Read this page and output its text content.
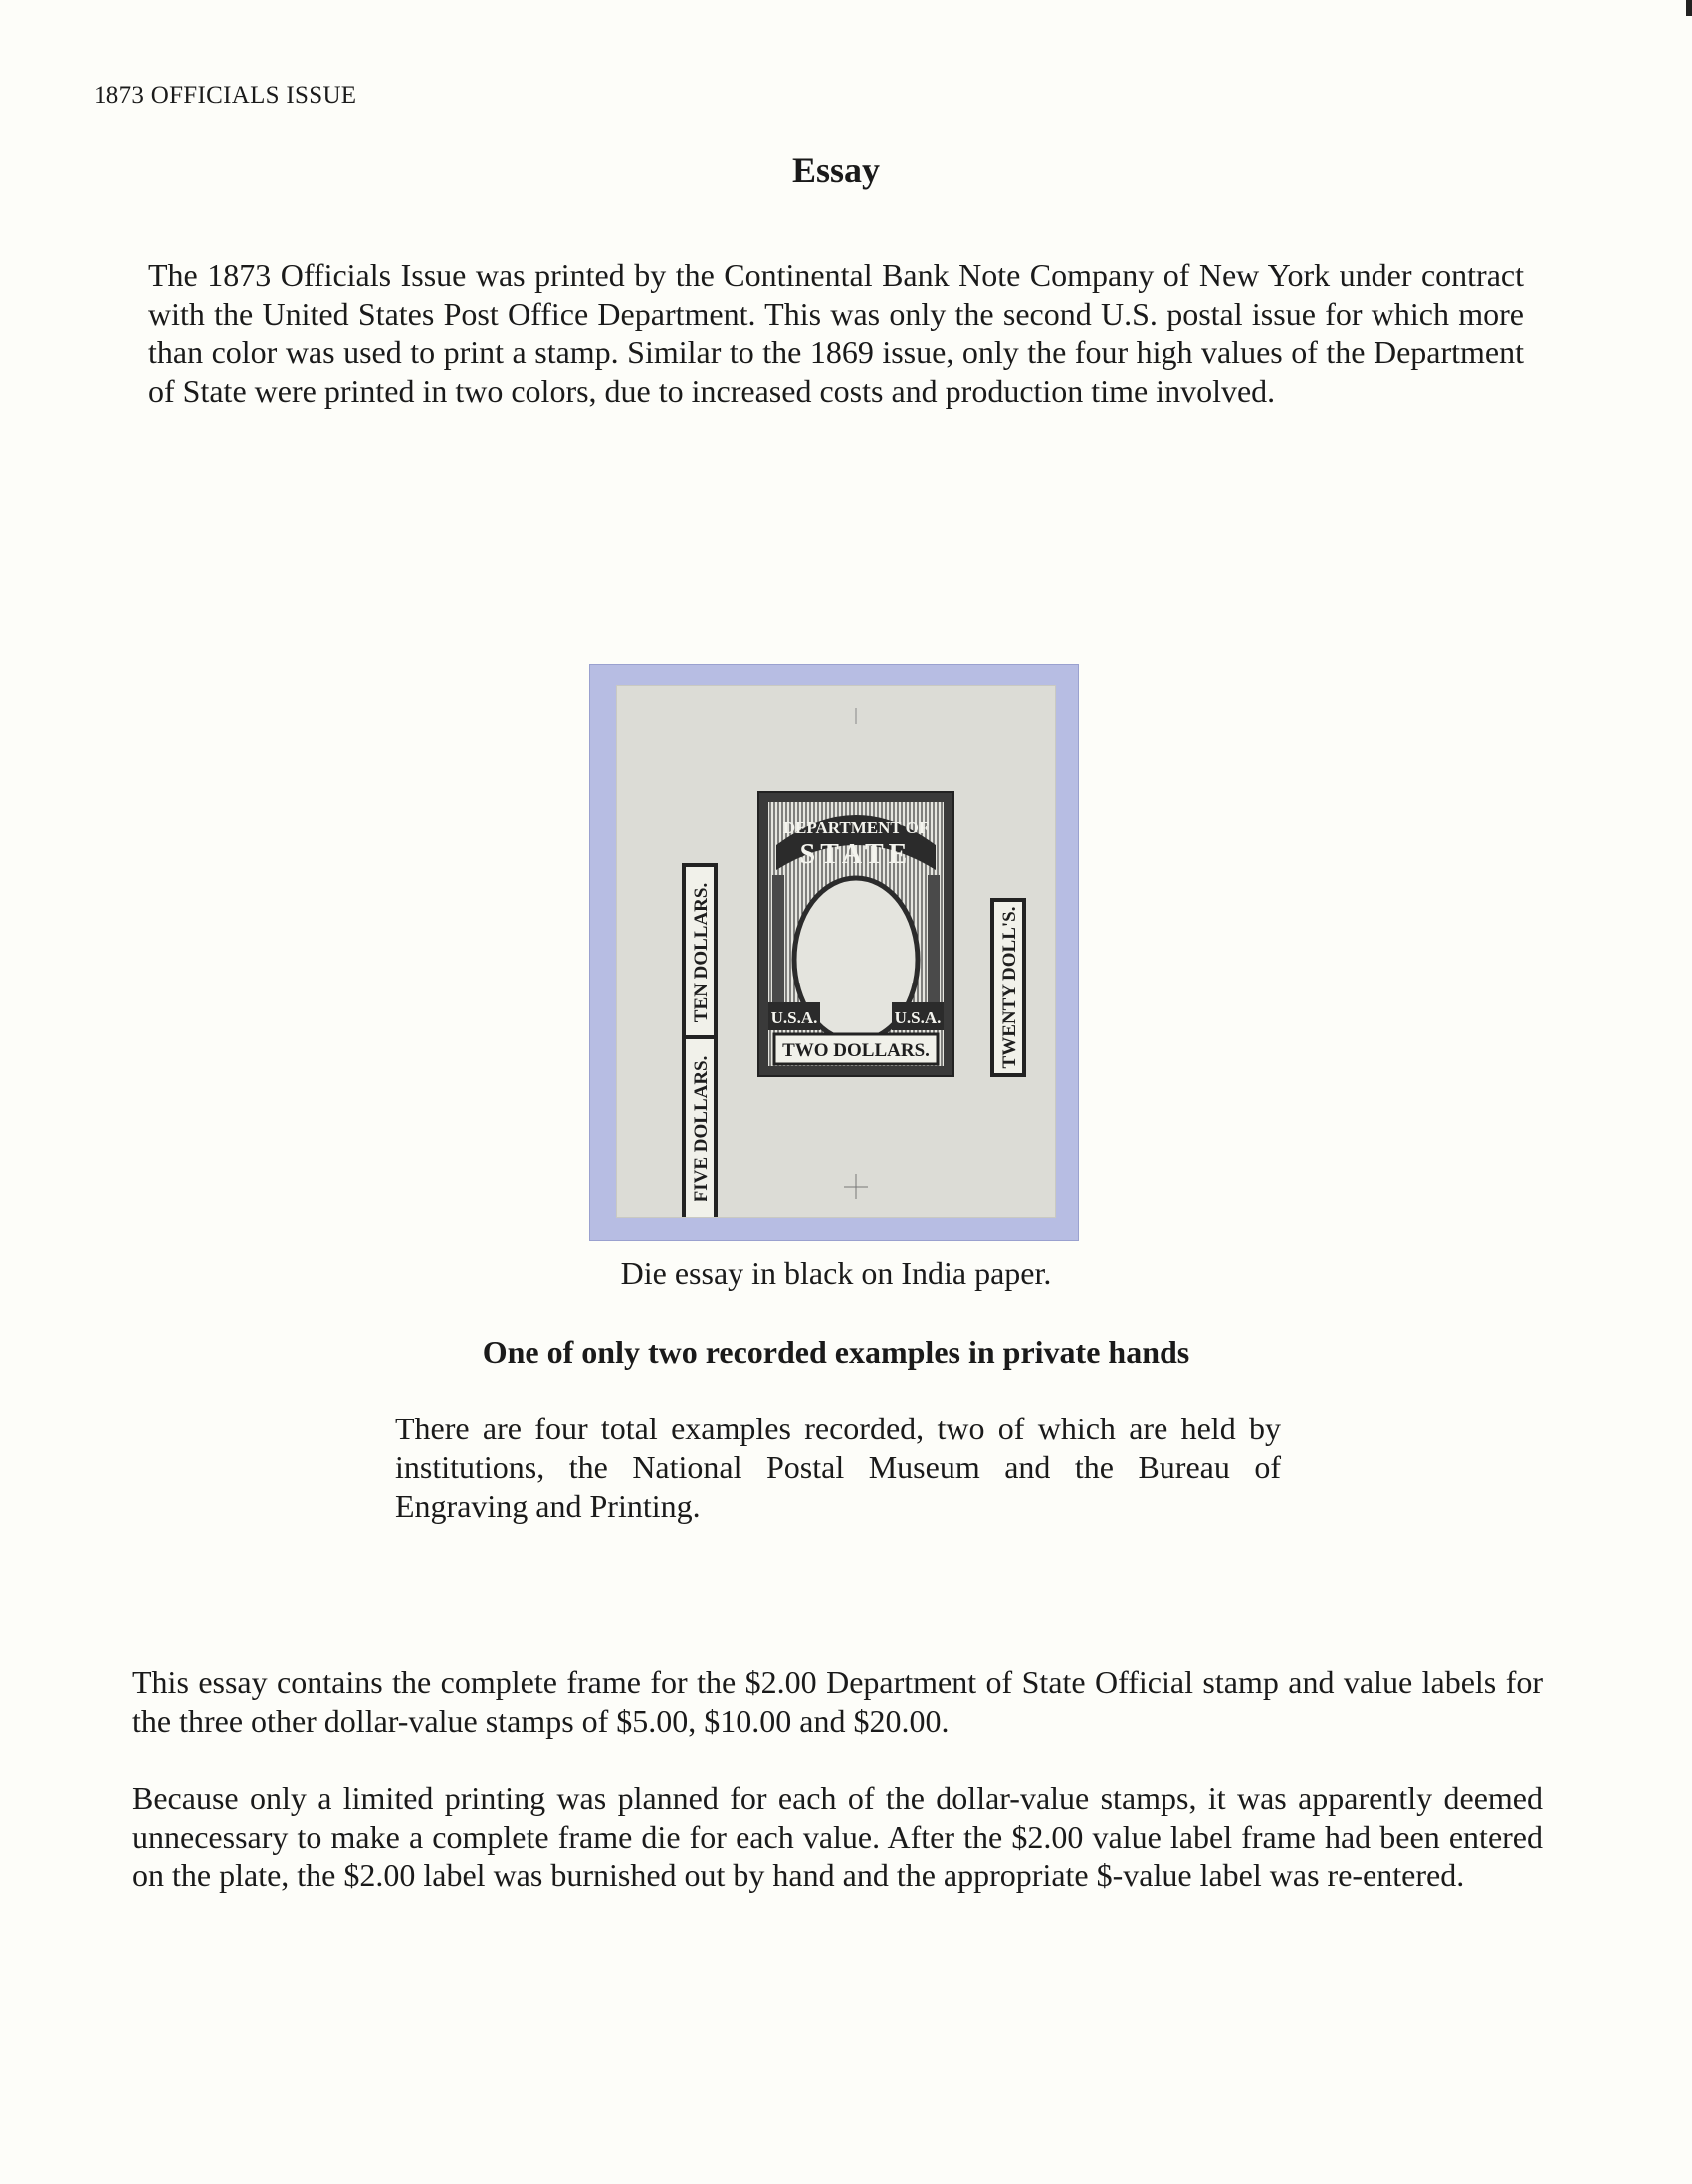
1873 OFFICIALS ISSUE
Essay

The 1873 Officials Issue was printed by the Continental Bank Note Company of New York under contract with the United States Post Office Department. This was only the second U.S. postal issue for which more than color was used to print a stamp. Similar to the 1869 issue, only the four high values of the Department of State were printed in two colors, due to increased costs and production time involved.

DEPARTMENT OF
STATE
U.S.A.	U.S.A.
TWO DOLLARS.
TEN DOLLARS.
FIVE DOLLARS.
TWENTY DOLL'S.
Die essay in black on India paper.
One of only two recorded examples in private hands

There are four total examples recorded, two of which are held by institutions, the National Postal Museum and the Bureau of Engraving and Printing.

This essay contains the complete frame for the $2.00 Department of State Official stamp and value labels for the three other dollar-value stamps of $5.00, $10.00 and $20.00.

Because only a limited printing was planned for each of the dollar-value stamps, it was apparently deemed unnecessary to make a complete frame die for each value. After the $2.00 value label frame had been entered on the plate, the $2.00 label was burnished out by hand and the appropriate $-value label was re-entered.
